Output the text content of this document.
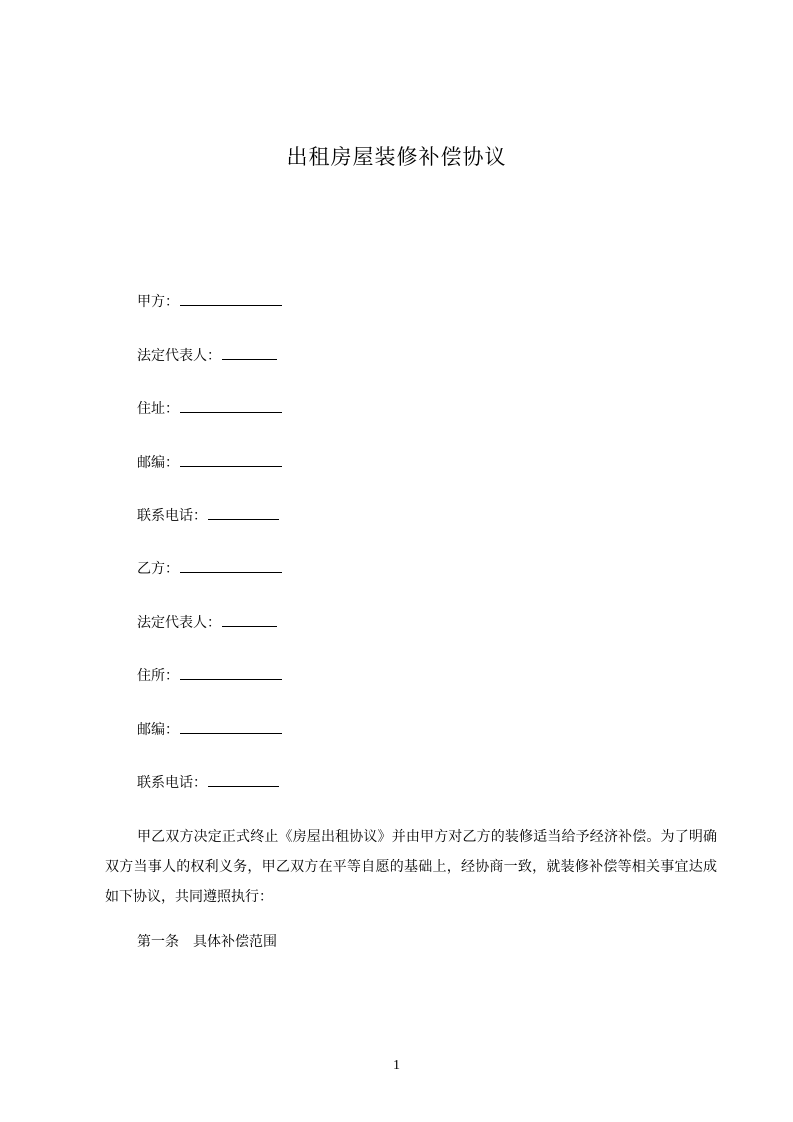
出租房屋装修补偿协议
甲方：
法定代表人：
住址：
邮编：
联系电话：
乙方：
法定代表人：
住所：
邮编：
联系电话：
甲乙双方决定正式终止《房屋出租协议》并由甲方对乙方的装修适当给予经济补偿。为了明确双方当事人的权利义务，甲乙双方在平等自愿的基础上，经协商一致，就装修补偿等相关事宜达成如下协议，共同遵照执行：
第一条　具体补偿范围
1
